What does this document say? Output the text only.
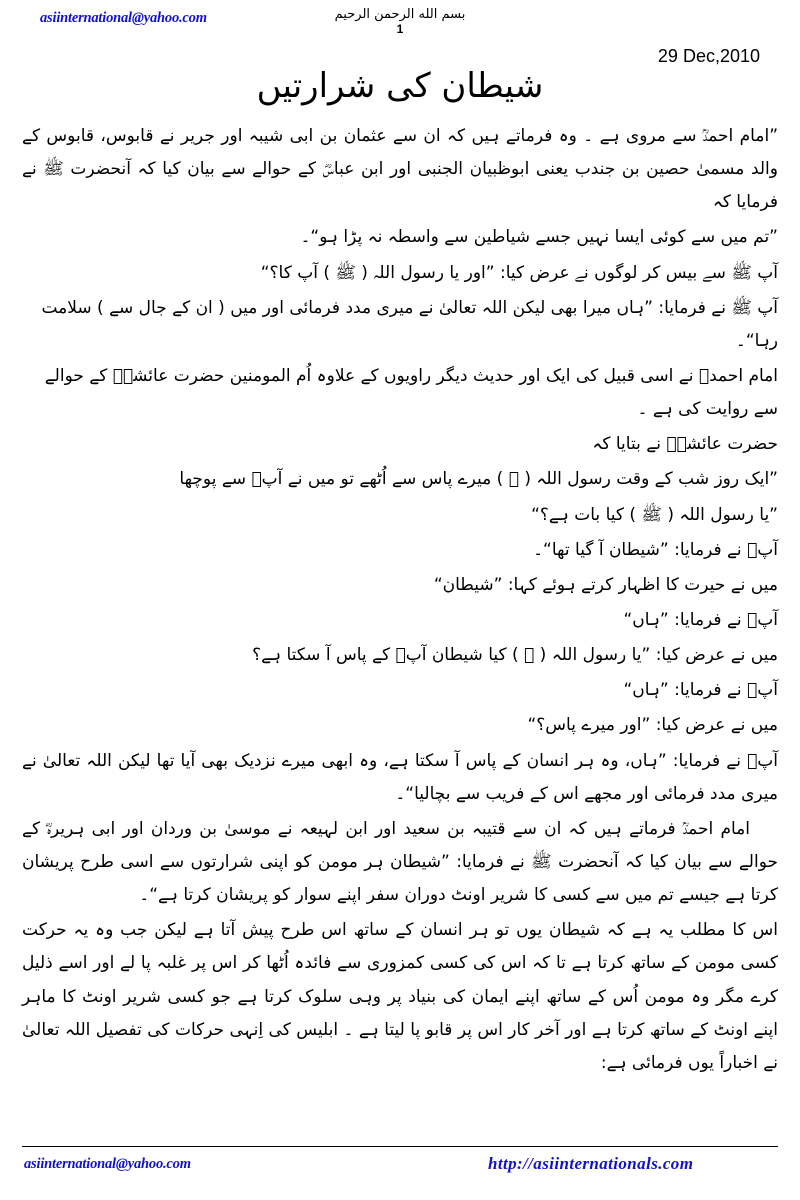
asiinternational@yahoo.com	بسم الله الرحمن الرحيم
1
29 Dec,2010
شیطان کی شرارتیں

”امام احمدؒ سے مروی ہے ۔ وہ فرماتے ہیں کہ ان سے عثمان بن ابی شیبہ اور جریر نے قابوس، قابوس کے والد مسمیٰ حصین بن جندب یعنی ابوظبیان الجنبی اور ابن عباسؓ کے حوالے سے بیان کیا کہ آنحضرت ﷺ نے فرمایا کہ

”تم میں سے کوئی ایسا نہیں جسے شیاطین سے واسطہ نہ پڑا ہو“۔

آپ ﷺ سے بیس کر لوگوں نے عرض کیا: ”اور یا رسول اللہ ( ﷺ ) آپ کا؟“

آپ ﷺ نے فرمایا: ”ہاں میرا بھی لیکن اللہ تعالیٰ نے میری مدد فرمائی اور میں ( ان کے جال سے ) سلامت رہا“۔

امام احمدؒ نے اسی قبیل کی ایک اور حدیث دیگر راویوں کے علاوہ اُم المومنین حضرت عائشہؓ کے حوالے سے روایت کی ہے ۔

حضرت عائشہؓ نے بتایا کہ

”ایک روز شب کے وقت رسول اللہ ( ﷺ ) میرے پاس سے اُٹھے تو میں نے آپؐ سے پوچھا

”یا رسول اللہ ( ﷺ ) کیا بات ہے؟“

آپؐ نے فرمایا: ”شیطان آ گیا تھا“۔

میں نے حیرت کا اظہار کرتے ہوئے کہا: ”شیطان“

آپؐ نے فرمایا: ”ہاں“

میں نے عرض کیا: ”یا رسول اللہ ( ﷺ ) کیا شیطان آپؐ کے پاس آ سکتا ہے؟

آپؐ نے فرمایا: ”ہاں“

میں نے عرض کیا: ”اور میرے پاس؟“

آپؐ نے فرمایا: ”ہاں، وہ ہر انسان کے پاس آ سکتا ہے، وہ ابھی میرے نزدیک بھی آیا تھا لیکن اللہ تعالیٰ نے میری مدد فرمائی اور مجھے اس کے فریب سے بچالیا“۔

امام احمدؒ فرماتے ہیں کہ ان سے قتیبہ بن سعید اور ابن لہیعہ نے موسیٰ بن وردان اور ابی ہریرہؓ کے حوالے سے بیان کیا کہ آنحضرت ﷺ نے فرمایا: ”شیطان ہر مومن کو اپنی شرارتوں سے اسی طرح پریشان کرتا ہے جیسے تم میں سے کسی کا شریر اونٹ دوران سفر اپنے سوار کو پریشان کرتا ہے“۔

اس کا مطلب یہ ہے کہ شیطان یوں تو ہر انسان کے ساتھ اس طرح پیش آتا ہے لیکن جب وہ یہ حرکت کسی مومن کے ساتھ کرتا ہے تا کہ اس کی کسی کمزوری سے فائدہ اُٹھا کر اس پر غلبہ پا لے اور اسے ذلیل کرے مگر وہ مومن اُس کے ساتھ اپنے ایمان کی بنیاد پر وہی سلوک کرتا ہے جو کسی شریر اونٹ کا ماہر اپنے اونٹ کے ساتھ کرتا ہے اور آخر کار اس پر قابو پا لیتا ہے ۔ ابلیس کی اِنہی حرکات کی تفصیل اللہ تعالیٰ نے اخباراً یوں فرمائی ہے:

asiinternational@yahoo.com	http://asiinternationals.com
